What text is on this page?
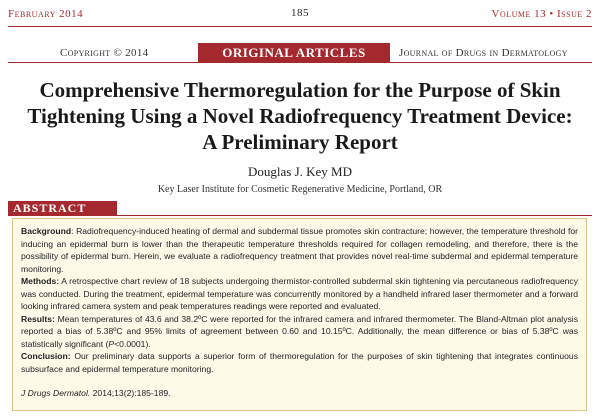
February 2014	185	Volume 13 • Issue 2
Copyright © 2014	ORIGINAL ARTICLES	Journal of Drugs in Dermatology
Comprehensive Thermoregulation for the Purpose of Skin
Tightening Using a Novel Radiofrequency Treatment Device:
A Preliminary Report
Douglas J. Key MD
Key Laser Institute for Cosmetic Regenerative Medicine, Portland, OR
ABSTRACT

Background: Radiofrequency-induced heating of dermal and subdermal tissue promotes skin contracture; however, the temperature threshold for inducing an epidermal burn is lower than the therapeutic temperature thresholds required for collagen remodeling, and therefore, there is the possibility of epidermal burn. Herein, we evaluate a radiofrequency treatment that provides novel real-time subdermal and epidermal temperature monitoring.

Methods: A retrospective chart review of 18 subjects undergoing thermistor-controlled subdermal skin tightening via percutaneous radiofrequency was conducted. During the treatment, epidermal temperature was concurrently monitored by a handheld infrared laser thermometer and a forward looking infrared camera system and peak temperatures readings were reported and evaluated.

Results: Mean temperatures of 43.6 and 38.2ºC were reported for the infrared camera and infrared thermometer. The Bland-Altman plot analysis reported a bias of 5.38ºC and 95% limits of agreement between 0.60 and 10.15ºC. Additionally, the mean difference or bias of 5.38ºC was statistically significant (P<0.0001).

Conclusion: Our preliminary data supports a superior form of thermoregulation for the purposes of skin tightening that integrates continuous subsurface and epidermal temperature monitoring.

J Drugs Dermatol. 2014;13(2):185-189.
